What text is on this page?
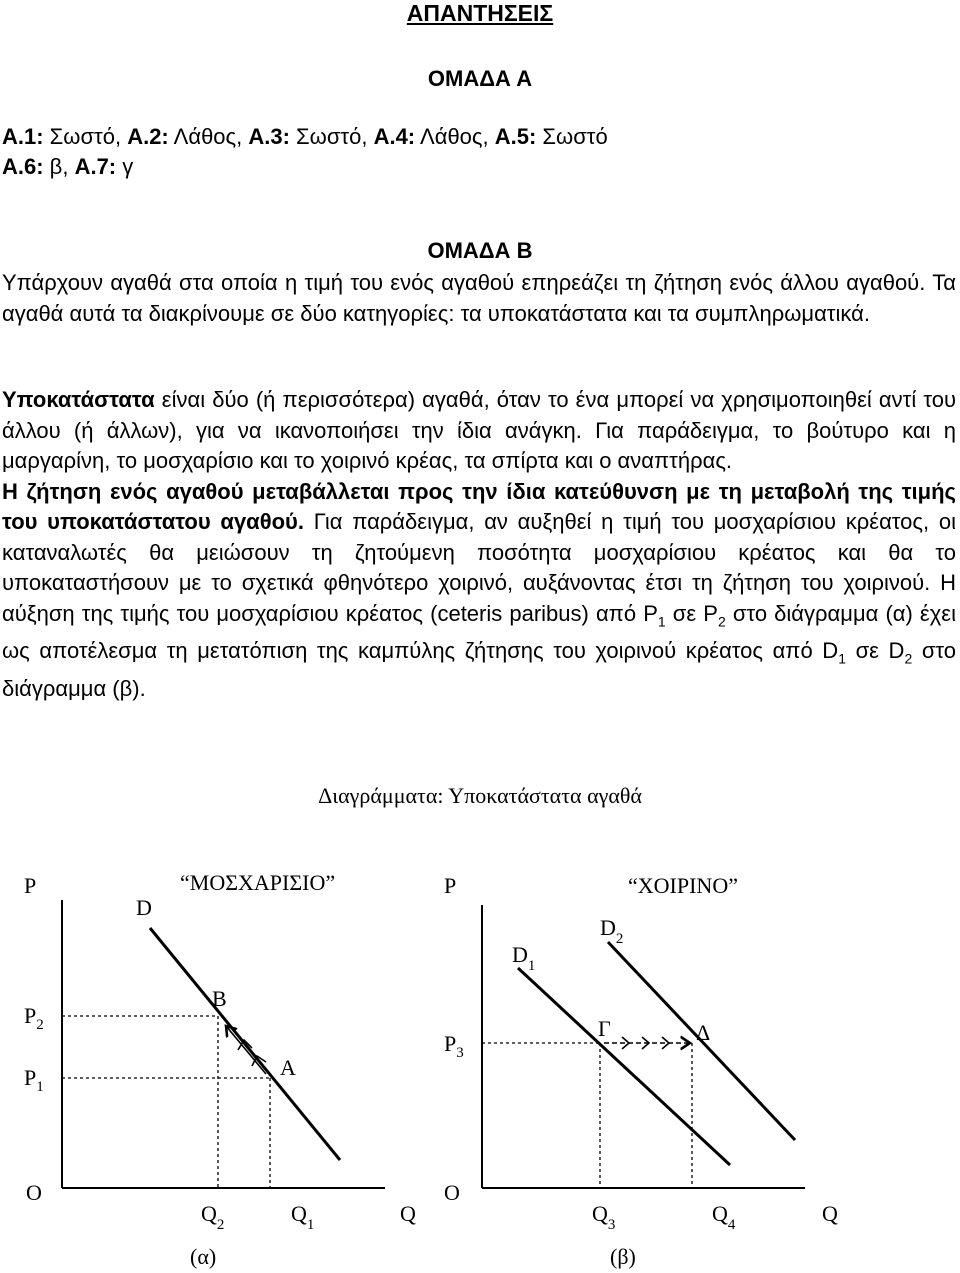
ΑΠΑΝΤΗΣΕΙΣ
ΟΜΑΔΑ Α
Α.1: Σωστό, Α.2: Λάθος, Α.3: Σωστό, Α.4: Λάθος, Α.5: Σωστό
Α.6: β, Α.7: γ
ΟΜΑΔΑ Β
Υπάρχουν αγαθά στα οποία η τιμή του ενός αγαθού επηρεάζει τη ζήτηση ενός άλλου αγαθού. Τα αγαθά αυτά τα διακρίνουμε σε δύο κατηγορίες: τα υποκατάστατα και τα συμπληρωματικά.
Υποκατάστατα είναι δύο (ή περισσότερα) αγαθά, όταν το ένα μπορεί να χρησιμοποιηθεί αντί του άλλου (ή άλλων), για να ικανοποιήσει την ίδια ανάγκη. Για παράδειγμα, το βούτυρο και η μαργαρίνη, το μοσχαρίσιο και το χοιρινό κρέας, τα σπίρτα και ο αναπτήρας.
Η ζήτηση ενός αγαθού μεταβάλλεται προς την ίδια κατεύθυνση με τη μεταβολή της τιμής του υποκατάστατου αγαθού. Για παράδειγμα, αν αυξηθεί η τιμή του μοσχαρίσιου κρέατος, οι καταναλωτές θα μειώσουν τη ζητούμενη ποσότητα μοσχαρίσιου κρέατος και θα το υποκαταστήσουν με το σχετικά φθηνότερο χοιρινό, αυξάνοντας έτσι τη ζήτηση του χοιρινού. Η αύξηση της τιμής του μοσχαρίσιου κρέατος (ceteris paribus) από $P_1$ σε $P_2$ στο διάγραμμα (α) έχει ως αποτέλεσμα τη μετατόπιση της καμπύλης ζήτησης του χοιρινού κρέατος από $D_1$ σε $D_2$ στο διάγραμμα (β).
Διαγράμματα: Υποκατάστατα αγαθά
P	“ΜΟΣΧΑΡΙΣΙΟ”
D
B
A
$P_2$
$P_1$
O
$Q_2$	$Q_1$	Q
(α)
P	“ΧΟΙΡΙΝΟ”
$D_2$
$D_1$
Γ	Δ
$P_3$
O
$Q_3$	$Q_4$	Q
(β)
